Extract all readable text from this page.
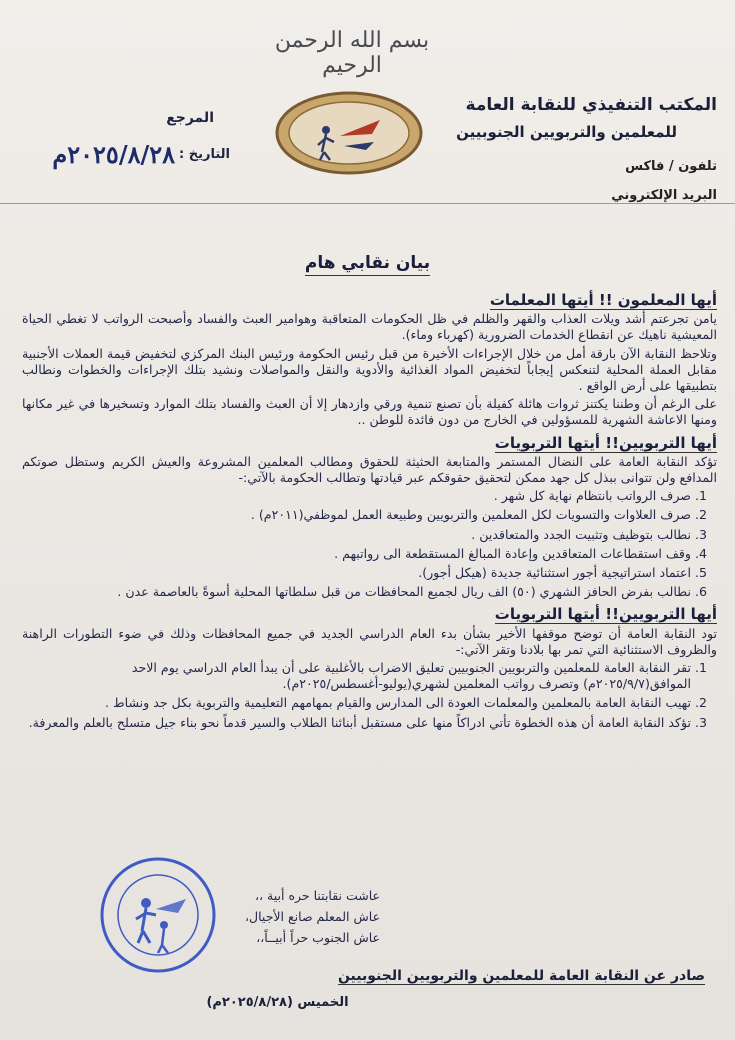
بسم الله الرحمن الرحيم
المكتب التنفيذي للنقابة العامة
للمعلمين والتربويين الجنوبيين
تلفون / فاكس
البريد الإلكتروني
المرجع
التاريخ :
٢٠٢٥/٨/٢٨م
بيان نقابي هام
أيها المعلمون !! أيتها المعلمات

يامن تجرعتم أشد ويلات العذاب والقهر والظلم في ظل الحكومات المتعاقبة وهوامير العبث والفساد وأصبحت الرواتب لا تغطي الحياة المعيشية ناهيك عن انقطاع الخدمات الضرورية (كهرباء وماء).

وتلاحظ النقابة الآن بارقة أمل من خلال الإجراءات الأخيرة من قبل رئيس الحكومة ورئيس البنك المركزي لتخفيض قيمة العملات الأجنبية مقابل العملة المحلية لتنعكس إيجاباً لتخفيض المواد الغذائية والأدوية والنقل والمواصلات ونشيد بتلك الإجراءات والخطوات ونطالب بتطبيقها على أرض الواقع .

على الرغم أن وطننا يكتنز ثروات هائلة كفيلة بأن تصنع تنمية ورقي وازدهار إلا أن العبث والفساد بتلك الموارد وتسخيرها في غير مكانها ومنها الاعاشة الشهرية للمسؤولين في الخارج من دون فائدة للوطن ..

أيها التربويين!! أيتها التربويات

تؤكد النقابة العامة على النضال المستمر والمتابعة الحثيثة للحقوق ومطالب المعلمين المشروعة والعيش الكريم وستظل صوتكم المدافع ولن تتوانى ببذل كل جهد ممكن لتحقيق حقوقكم عبر قيادتها وتطالب الحكومة بالآتي:-

1. صرف الرواتب بانتظام نهاية كل شهر .
2. صرف العلاوات والتسويات لكل المعلمين والتربويين وطبيعة العمل لموظفي(٢٠١١م) .
3. نطالب بتوظيف وتثبيت الجدد والمتعاقدين .
4. وقف استقطاعات المتعاقدين وإعادة المبالغ المستقطعة الى رواتبهم .
5. اعتماد استراتيجية أجور استثنائية جديدة (هيكل أجور).
6. نطالب بفرض الحافز الشهري (٥٠) الف ريال لجميع المحافظات من قبل سلطاتها المحلية أسوةً بالعاصمة عدن .
أيها التربويين!! أيتها التربويات

تود النقابة العامة أن توضح موقفها الأخير بشأن بدء العام الدراسي الجديد في جميع المحافظات وذلك في ضوء التطورات الراهنة والظروف الاستثنائية التي تمر بها بلادنا وتقر الآتي:-

1. تقر النقابة العامة للمعلمين والتربويين الجنوبيين تعليق الاضراب بالأغلبية على أن يبدأ العام الدراسي يوم الاحد الموافق(٢٠٢٥/٩/٧م) وتصرف رواتب المعلمين لشهري(يوليو-أغسطس/٢٠٢٥م).
2. تهيب النقابة العامة بالمعلمين والمعلمات العودة الى المدارس والقيام بمهامهم التعليمية والتربوية بكل جد ونشاط .
3. تؤكد النقابة العامة أن هذه الخطوة تأتي ادراكاً منها على مستقبل أبنائنا الطلاب والسير قدماً نحو بناء جيل متسلح بالعلم والمعرفة.
عاشت نقابتنا حره أبية ،،
عاش المعلم صانع الأجيال،
عاش الجنوب حراً أبيــاً،،
صادر عن النقابة العامة للمعلمين والتربويين الجنوبيين
الخميس (٢٠٢٥/٨/٢٨م)
